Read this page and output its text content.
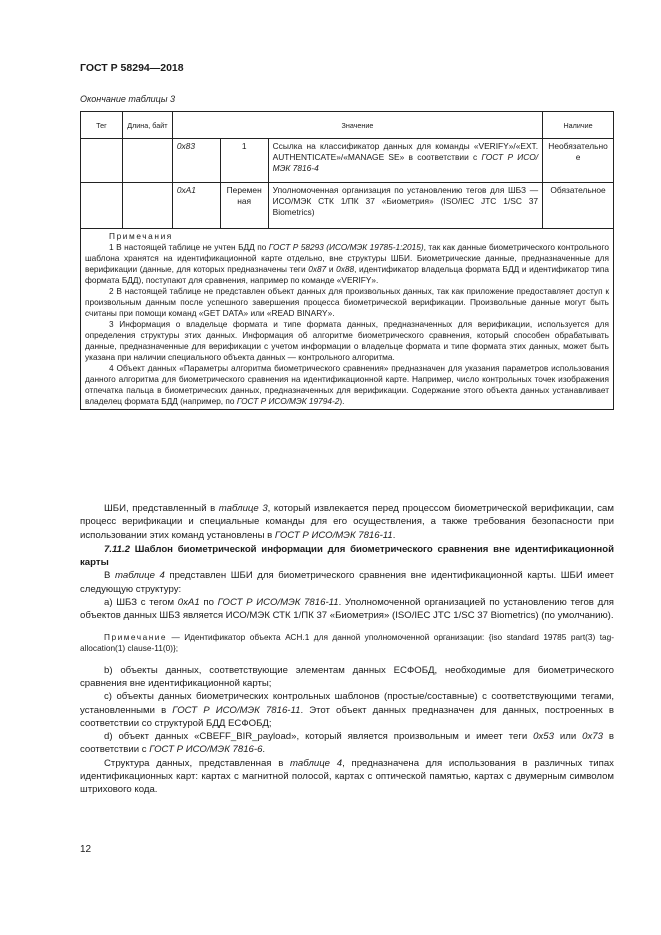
ГОСТ Р 58294—2018
Окончание таблицы 3
Тег	Длина, байт	Значение			Наличие
		0x83	1	Ссылка на классификатор данных для команды «VERIFY»/«EXT. AUTHENTICATE»/«MANAGE SE» в соответствии с ГОСТ Р ИСО/МЭК 7816-4	Необязательное
		0xA1	Переменная	Уполномоченная организация по установлению тегов для ШБЗ — ИСО/МЭК СТК 1/ПК 37 «Биометрия» (ISO/IEC JTC 1/SC 37 Biometrics)	Обязательное

Примечания

1 В настоящей таблице не учтен БДД по ГОСТ Р 58293 (ИСО/МЭК 19785-1:2015), так как данные биометрического контрольного шаблона хранятся на идентификационной карте отдельно, вне структуры ШБИ. Биометрические данные, предназначенные для верификации (данные, для которых предназначены теги 0x87 и 0x88, идентификатор владельца формата БДД и идентификатор типа формата БДД), поступают для сравнения, например по команде «VERIFY».

2 В настоящей таблице не представлен объект данных для произвольных данных, так как приложение предоставляет доступ к произвольным данным после успешного завершения процесса биометрической верификации. Произвольные данные могут быть считаны при помощи команд «GET DATA» или «READ BINARY».

3 Информация о владельце формата и типе формата данных, предназначенных для верификации, используется для определения структуры этих данных. Информация об алгоритме биометрического сравнения, который способен обрабатывать данные, предназначенные для верификации с учетом информации о владельце формата и типе формата этих данных, может быть указана при наличии специального объекта данных — контрольного алгоритма.

4 Объект данных «Параметры алгоритма биометрического сравнения» предназначен для указания параметров использования данного алгоритма для биометрического сравнения на идентификационной карте. Например, число контрольных точек изображения отпечатка пальца в биометрических данных, предназначенных для верификации. Содержание этого объекта данных устанавливает владелец формата БДД (например, по ГОСТ Р ИСО/МЭК 19794-2).					

ШБИ, представленный в таблице 3, который извлекается перед процессом биометрической верификации, сам процесс верификации и специальные команды для его осуществления, а также требования безопасности при использовании этих команд установлены в ГОСТ Р ИСО/МЭК 7816-11.

7.11.2 Шаблон биометрической информации для биометрического сравнения вне идентификационной карты

В таблице 4 представлен ШБИ для биометрического сравнения вне идентификационной карты. ШБИ имеет следующую структуру:

а) ШБЗ с тегом 0xA1 по ГОСТ Р ИСО/МЭК 7816-11. Уполномоченной организацией по установлению тегов для объектов данных ШБЗ является ИСО/МЭК СТК 1/ПК 37 «Биометрия» (ISO/IEC JTC 1/SC 37 Biometrics) (по умолчанию).

Примечание — Идентификатор объекта АСН.1 для данной уполномоченной организации: {iso standard 19785 part(3) tag-allocation(1) clause-11(0)};

b) объекты данных, соответствующие элементам данных ЕСФОБД, необходимые для биометрического сравнения вне идентификационной карты;

с) объекты данных биометрических контрольных шаблонов (простые/составные) с соответствующими тегами, установленными в ГОСТ Р ИСО/МЭК 7816-11. Этот объект данных предназначен для данных, построенных в соответствии со структурой БДД ЕСФОБД;

d) объект данных «CBEFF_BIR_payload», который является произвольным и имеет теги 0x53 или 0x73 в соответствии с ГОСТ Р ИСО/МЭК 7816-6.

Структура данных, представленная в таблице 4, предназначена для использования в различных типах идентификационных карт: картах с магнитной полосой, картах с оптической памятью, картах с двумерным символом штрихового кода.

12
